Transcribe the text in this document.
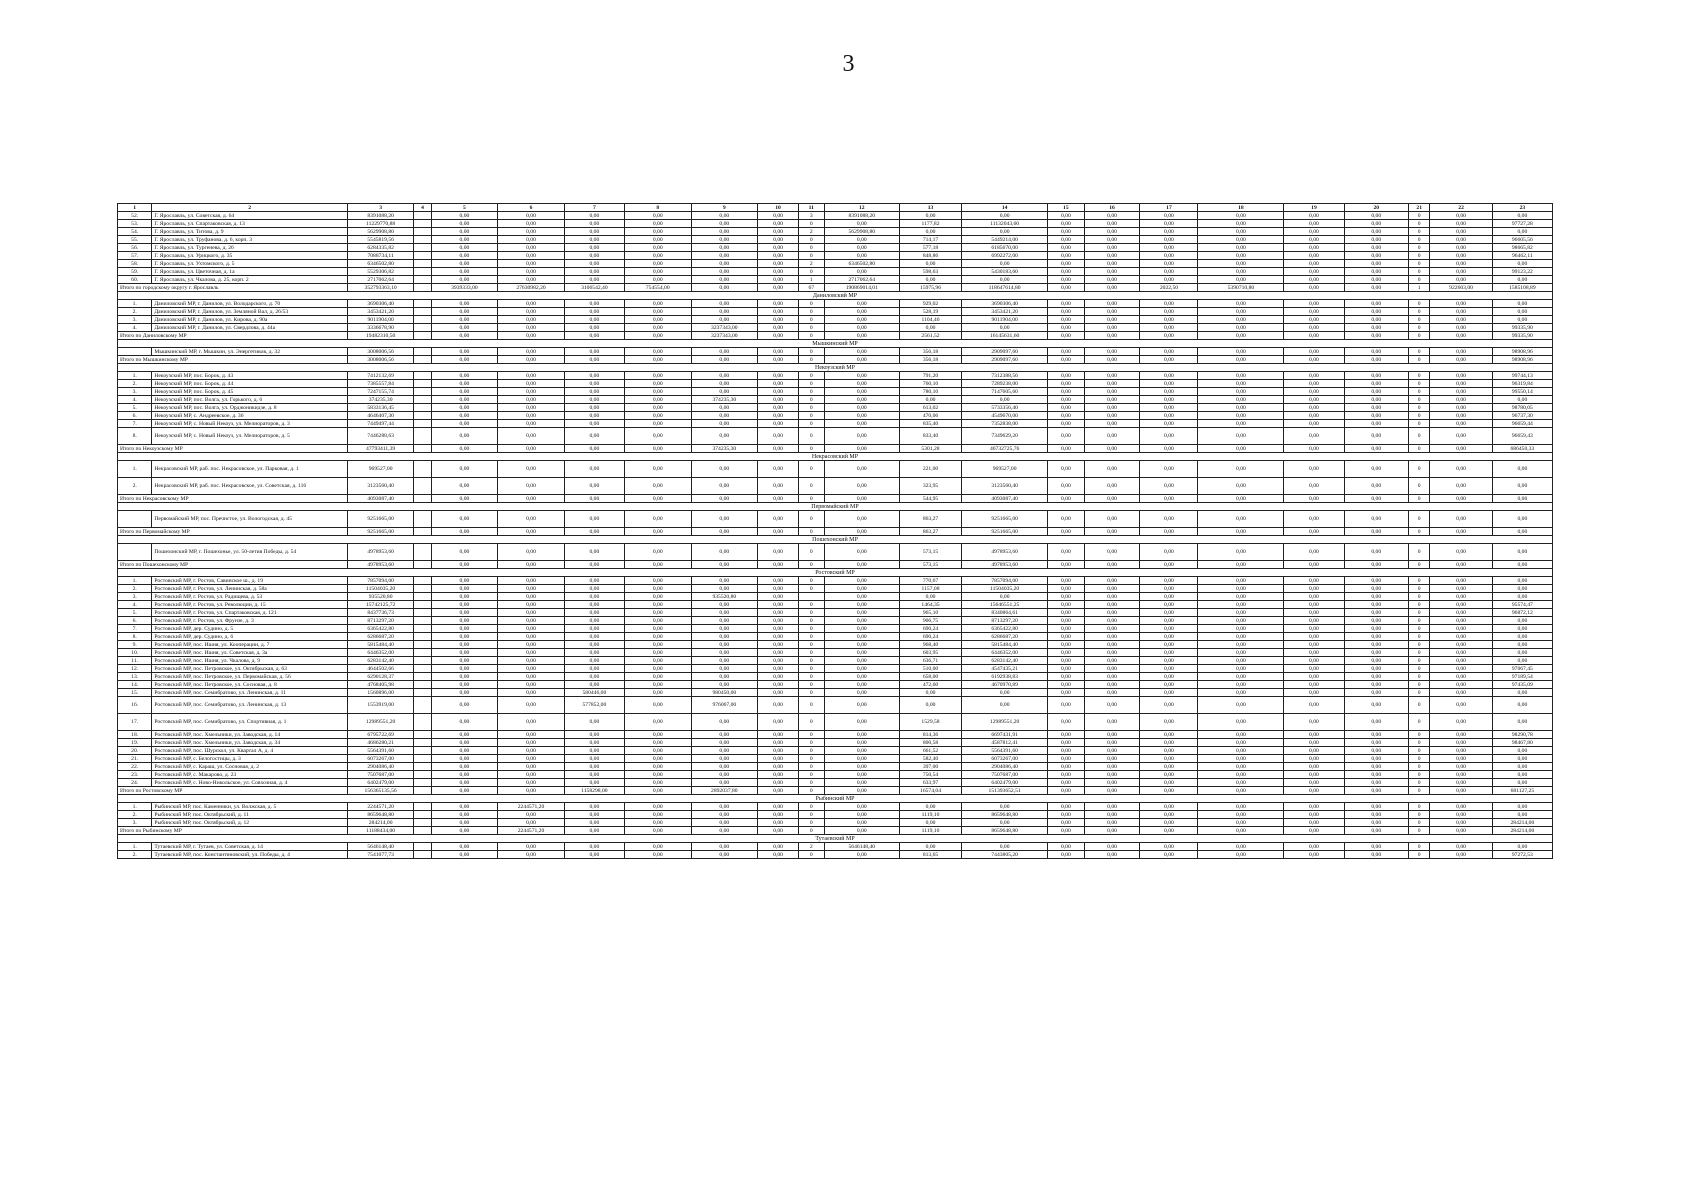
3
1	2	3	4	5	6	7	8	9	10	11	12	13	14	15	16	17	18	19	20	21	22	23
52.	Г. Ярославль, ул. Советская, д. 64	8391088,20		0,00	0,00	0,00	0,00	0,00	0,00	3	8391088,20	0,00	0,00	0,00	0,00	0,00	0,00	0,00	0,00	0	0,00	0,00
53.	Г. Ярославль, ул. Спартаковская, д. 13	11229770,88		0,00	0,00	0,00	0,00	0,00	0,00	0	0,00	1177,82	11132043,60	0,00	0,00	0,00	0,00	0,00	0,00	0	0,00	97727,28
54.	Г. Ярославль, ул. Титова, д. 9	5629908,80		0,00	0,00	0,00	0,00	0,00	0,00	2	5629908,80	0,00	0,00	0,00	0,00	0,00	0,00	0,00	0,00	0	0,00	0,00
55.	Г. Ярославль, ул. Труфанова, д. 6, корп. 3	5545819,56		0,00	0,00	0,00	0,00	0,00	0,00	0	0,00	714,17	5449214,00	0,00	0,00	0,00	0,00	0,00	0,00	0	0,00	96605,56
56.	Г. Ярославль, ул. Тургенева, д. 26	6284335,82		0,00	0,00	0,00	0,00	0,00	0,00	0	0,00	577,18	6185670,00	0,00	0,00	0,00	0,00	0,00	0,00	0	0,00	98665,82
57.	Г. Ярославль, ул. Урицкого, д. 35	7088734,11		0,00	0,00	0,00	0,00	0,00	0,00	0	0,00	848,86	6992272,00	0,00	0,00	0,00	0,00	0,00	0,00	0	0,00	96462,11
58.	Г. Ярославль, ул. Ухтомского, д. 5	6346502,80		0,00	0,00	0,00	0,00	0,00	0,00	2	6346502,80	0,00	0,00	0,00	0,00	0,00	0,00	0,00	0,00	0	0,00	0,00
59.	Г. Ярославль, ул. Цветочная, д. 1а	5529306,82		0,00	0,00	0,00	0,00	0,00	0,00	0	0,00	598,63	5430183,60	0,00	0,00	0,00	0,00	0,00	0,00	0	0,00	99123,22
60.	Г. Ярославль, ул. Чкалова, д. 25, корп. 2	2717062,64		0,00	0,00	0,00	0,00	0,00	0,00	1	2717062,64	0,00	0,00	0,00	0,00	0,00	0,00	0,00	0,00	0	0,00	0,00
Итого по городскому округу г. Ярославль		352793363,10		3939333,00	27630982,20	3106542,40	754554,00	0,00	0,00	67	190869014,01	15975,96	118647614,80	0,00	0,00	2022,50	5390710,80	0,00	0,00	1	922603,00	1585108,89
Даниловский МР																						
1.	Даниловский МР, г. Данилов, ул. Володарского, д. 70	3690306,40		0,00	0,00	0,00	0,00	0,00	0,00	0	0,00	929,02	3690306,40	0,00	0,00	0,00	0,00	0,00	0,00	0	0,00	0,00
2.	Даниловский МР, г. Данилов, ул. Земляной Вал, д. 26/53	3453421,20		0,00	0,00	0,00	0,00	0,00	0,00	0	0,00	528,19	3453421,20	0,00	0,00	0,00	0,00	0,00	0,00	0	0,00	0,00
3.	Даниловский МР, г. Данилов, ул. Кирова, д. 90а	9011904,00		0,00	0,00	0,00	0,00	0,00	0,00	0	0,00	1104,40	9011904,00	0,00	0,00	0,00	0,00	0,00	0,00	0	0,00	0,00
4.	Даниловский МР, г. Данилов, ул. Свердлова, д. 44а	3336678,90		0,00	0,00	0,00	0,00	3237343,00	0,00	0	0,00	0,00	0,00	0,00	0,00	0,00	0,00	0,00	0,00	0	0,00	99335,90
Итого по Даниловскому МР		19482310,50		0,00	0,00	0,00	0,00	3237343,00	0,00	0	0,00	2561,52	16145631,60	0,00	0,00	0,00	0,00	0,00	0,00	0	0,00	99335,90
Мышкинский МР																						
	Мышкинский МР, г. Мышкин, ул. Энергетиков, д. 32	3008006,56		0,00	0,00	0,00	0,00	0,00	0,00	0	0,00	356,18	2909097,60	0,00	0,00	0,00	0,00	0,00	0,00	0	0,00	98908,96
Итого по Мышкинскому МР		3008006,56		0,00	0,00	0,00	0,00	0,00	0,00	0	0,00	356,18	2909097,60	0,00	0,00	0,00	0,00	0,00	0,00	0	0,00	98908,96
Некоузский МР																						
1.	Некоузский МР, пос. Борок, д. 43	7412132,69		0,00	0,00	0,00	0,00	0,00	0,00	0	0,00	791,20	7312388,56	0,00	0,00	0,00	0,00	0,00	0,00	0	0,00	99744,13
2.	Некоузский МР, пос. Борок, д. 44	7385557,84		0,00	0,00	0,00	0,00	0,00	0,00	0	0,00	760,10	7289238,00	0,00	0,00	0,00	0,00	0,00	0,00	0	0,00	96319,84
3.	Некоузский МР, пос. Борок, д. 45	7247155,74		0,00	0,00	0,00	0,00	0,00	0,00	0	0,00	780,10	7147605,60	0,00	0,00	0,00	0,00	0,00	0,00	0	0,00	99550,14
4.	Некоузский МР, пос. Волга, ул. Горького, д. 6	374235,30		0,00	0,00	0,00	0,00	374235,30	0,00	0	0,00	0,00	0,00	0,00	0,00	0,00	0,00	0,00	0,00	0	0,00	0,00
5.	Некоузский МР, пос. Волга, ул. Орджоникидзе, д. 8	5833136,45		0,00	0,00	0,00	0,00	0,00	0,00	0	0,00	613,02	5733356,40	0,00	0,00	0,00	0,00	0,00	0,00	0	0,00	98780,05
6.	Некоузский МР, с. Андреевское, д. 36	4646407,30		0,00	0,00	0,00	0,00	0,00	0,00	0	0,00	470,06	4549670,00	0,00	0,00	0,00	0,00	0,00	0,00	0	0,00	96737,30
7.	Некоузский МР, с. Новый Некоуз, ул. Мелиораторов, д. 3	7449497,44		0,00	0,00	0,00	0,00	0,00	0,00	0	0,00	835,40	7352838,00	0,00	0,00	0,00	0,00	0,00	0,00	0	0,00	96659,44
8.	Некоузский МР, с. Новый Некоуз, ул. Мелиораторов, д. 5	7446288,63		0,00	0,00	0,00	0,00	0,00	0,00	0	0,00	833,40	7349629,20	0,00	0,00	0,00	0,00	0,00	0,00	0	0,00	96659,43
Итого по Некоузскому МР		47793411,39		0,00	0,00	0,00	0,00	374235,30	0,00	0	0,00	5301,28	46732725,76	0,00	0,00	0,00	0,00	0,00	0,00	0	0,00	686450,33
Некрасовский МР																						
1.	Некрасовский МР, раб. пос. Некрасовское, ул. Парковая, д. 1	969527,00		0,00	0,00	0,00	0,00	0,00	0,00	0	0,00	221,00	969527,00	0,00	0,00	0,00	0,00	0,00	0,00	0	0,00	0,00
2.	Некрасовский МР, раб. пос. Некрасовское, ул. Советская, д. 116	3123560,40		0,00	0,00	0,00	0,00	0,00	0,00	0	0,00	323,95	3123560,40	0,00	0,00	0,00	0,00	0,00	0,00	0	0,00	0,00
Итого по Некрасовскому МР		4093087,40		0,00	0,00	0,00	0,00	0,00	0,00	0	0,00	544,95	4093087,40	0,00	0,00	0,00	0,00	0,00	0,00	0	0,00	0,00
Первомайский МР																						
	Первомайский МР, пос. Пречистое, ул. Вологодская, д. 45	9251665,00		0,00	0,00	0,00	0,00	0,00	0,00	0	0,00	863,27	9251665,00	0,00	0,00	0,00	0,00	0,00	0,00	0	0,00	0,00
Итого по Первомайскому МР		9251665,00		0,00	0,00	0,00	0,00	0,00	0,00	0	0,00	863,27	9251665,00	0,00	0,00	0,00	0,00	0,00	0,00	0	0,00	0,00
Пошехонский МР																						
	Пошехонский МР, г. Пошехонье, ул. 50-летия Победы, д. 54	4978953,60		0,00	0,00	0,00	0,00	0,00	0,00	0	0,00	573,15	4978953,60	0,00	0,00	0,00	0,00	0,00	0,00	0	0,00	0,00
Итого по Пошехонскому МР		4978953,60		0,00	0,00	0,00	0,00	0,00	0,00	0	0,00	573,15	4978953,60	0,00	0,00	0,00	0,00	0,00	0,00	0	0,00	0,00
Ростовский МР																						
1.	Ростовский МР, г. Ростов, Савинское ш., д. 19	7857094,00		0,00	0,00	0,00	0,00	0,00	0,00	0	0,00	770,67	7857094,00	0,00	0,00	0,00	0,00	0,00	0,00	0	0,00	0,00
2.	Ростовский МР, г. Ростов, ул. Ленинская, д. 58а	11504035,20		0,00	0,00	0,00	0,00	0,00	0,00	0	0,00	1157,08	11504035,20	0,00	0,00	0,00	0,00	0,00	0,00	0	0,00	0,00
3.	Ростовский МР, г. Ростов, ул. Радищева, д. 53	935520,80		0,00	0,00	0,00	0,00	935520,80	0,00		0,00	0,00	0,00	0,00	0,00	0,00	0,00	0,00	0,00	0	0,00	0,00
4.	Ростовский МР, г. Ростов, ул. Революции, д. 15	15742125,72		0,00	0,00	0,00	0,00	0,00	0,00	0	0,00	1464,35	15646551,25	0,00	0,00	0,00	0,00	0,00	0,00	0	0,00	95574,47
5.	Ростовский МР, г. Ростов, ул. Спартаковская, д. 121	8437736,73		0,00	0,00	0,00	0,00	0,00	0,00	0	0,00	965,10	8340864,61	0,00	0,00	0,00	0,00	0,00	0,00	0	0,00	96872,12
6.	Ростовский МР, г. Ростов, ул. Фрунзе, д. 3	8713297,20		0,00	0,00	0,00	0,00	0,00	0,00	0	0,00	906,75	8713297,20	0,00	0,00	0,00	0,00	0,00	0,00	0	0,00	0,00
7.	Ростовский МР, дер. Судино, д. 5	6365422,80		0,00	0,00	0,00	0,00	0,00	0,00	0	0,00	690,24	6365422,80	0,00	0,00	0,00	0,00	0,00	0,00	0	0,00	0,00
8.	Ростовский МР, дер. Судино, д. 6	6286687,20		0,00	0,00	0,00	0,00	0,00	0,00	0	0,00	690,24	6286687,20	0,00	0,00	0,00	0,00	0,00	0,00	0	0,00	0,00
9.	Ростовский МР, пос. Ишня, ул. Кооперации, д. 7	5815484,40		0,00	0,00	0,00	0,00	0,00	0,00	0	0,00	968,40	5815484,40	0,00	0,00	0,00	0,00	0,00	0,00	0	0,00	0,00
10.	Ростовский МР, пос. Ишня, ул. Советская, д. 3а	6446352,00		0,00	0,00	0,00	0,00	0,00	0,00	0	0,00	603,95	6446352,00	0,00	0,00	0,00	0,00	0,00	0,00	0	0,00	0,00
11.	Ростовский МР, пос. Ишня, ул. Чкалова, д. 9	6283142,40		0,00	0,00	0,00	0,00	0,00	0,00	0	0,00	636,71	6283142,40	0,00	0,00	0,00	0,00	0,00	0,00	0	0,00	0,00
12.	Ростовский МР, пос. Петровское, ул. Октябрьская, д. 63	4644502,66		0,00	0,00	0,00	0,00	0,00	0,00	0	0,00	510,00	4547435,21	0,00	0,00	0,00	0,00	0,00	0,00	0	0,00	97067,45
13.	Ростовский МР, пос. Петровское, ул. Первомайская, д. 56	6290128,37		0,00	0,00	0,00	0,00	0,00	0,00	0	0,00	658,00	6192938,83	0,00	0,00	0,00	0,00	0,00	0,00	0	0,00	97189,54
14.	Ростовский МР, пос. Петровское, ул. Сосновая, д. 8	4768405,98		0,00	0,00	0,00	0,00	0,00	0,00	0	0,00	472,60	4670970,89	0,00	0,00	0,00	0,00	0,00	0,00	0	0,00	97435,09
15.	Ростовский МР, пос. Семибратово, ул. Ленинская, д. 11	1560896,00		0,00	0,00	580446,00	0,00	980450,00	0,00	0	0,00	0,00	0,00	0,00	0,00	0,00	0,00	0,00	0,00	0	0,00	0,00
16.	Ростовский МР, пос. Семибратово, ул. Ленинская, д. 13	1553919,00		0,00	0,00	577852,00	0,00	976067,00	0,00	0	0,00	0,00	0,00	0,00	0,00	0,00	0,00	0,00	0,00	0	0,00	0,00
17.	Ростовский МР, пос. Семибратово, ул. Спортивная, д. 1	12989551,20		0,00	0,00	0,00	0,00	0,00	0,00	0	0,00	1529,58	12989551,20	0,00	0,00	0,00	0,00	0,00	0,00	0	0,00	0,00
18.	Ростовский МР, пос. Хмельники, ул. Заводская, д. 14	6795722,69		0,00	0,00	0,00	0,00	0,00	0,00	0	0,00	814,36	6697431,91	0,00	0,00	0,00	0,00	0,00	0,00	0	0,00	98290,78
19.	Ростовский МР, пос. Хмельники, ул. Заводская, д. 34	4686280,21		0,00	0,00	0,00	0,00	0,00	0,00	0	0,00	800,58	4587812,41	0,00	0,00	0,00	0,00	0,00	0,00	0	0,00	98467,80
20.	Ростовский МР, пос. Шурскол, ул. Квартал А, д. 4	5564391,60		0,00	0,00	0,00	0,00	0,00	0,00	0	0,00	661,52	5564391,60	0,00	0,00	0,00	0,00	0,00	0,00	0	0,00	0,00
21.	Ростовский МР, с. Белогостицы, д. 3	6073267,00		0,00	0,00	0,00	0,00	0,00	0,00	0	0,00	582,40	6073267,00	0,00	0,00	0,00	0,00	0,00	0,00	0	0,00	0,00
22.	Ростовский МР, с. Караш, ул. Сосновая, д. 2	2904086,40		0,00	0,00	0,00	0,00	0,00	0,00	0	0,00	397,00	2904086,40	0,00	0,00	0,00	0,00	0,00	0,00	0	0,00	0,00
23.	Ростовский МР, с. Макарово, д. 23	7507687,00		0,00	0,00	0,00	0,00	0,00	0,00	0	0,00	750,54	7507687,00	0,00	0,00	0,00	0,00	0,00	0,00	0	0,00	0,00
24.	Ростовский МР, с. Ново-Никольское, ул. Совхозная, д. 4	6402479,00		0,00	0,00	0,00	0,00	0,00	0,00	0	0,00	633,97	6402479,00	0,00	0,00	0,00	0,00	0,00	0,00	0	0,00	0,00
Итого по Ростовскому МР		156365135,56		0,00	0,00	1158298,00	0,00	2892037,80	0,00	0	0,00	16574,04	151393652,51	0,00	0,00	0,00	0,00	0,00	0,00	0	0,00	681127,25
Рыбинский МР																						
1.	Рыбинский МР, пос. Каменники, ул. Волжская, д. 5	2244571,20		0,00	2244571,20	0,00	0,00	0,00	0,00	0	0,00	0,00	0,00	0,00	0,00	0,00	0,00	0,00	0,00	0	0,00	0,00
2.	Рыбинский МР, пос. Октябрьский, д. 11	8659648,80		0,00	0,00	0,00	0,00	0,00	0,00	0	0,00	1119,10	8659648,80	0,00	0,00	0,00	0,00	0,00	0,00	0	0,00	0,00
3.	Рыбинский МР, пос. Октябрьский, д. 12	284214,00		0,00	0,00	0,00	0,00	0,00	0,00	0	0,00	0,00	0,00	0,00	0,00	0,00	0,00	0,00	0,00	0	0,00	284214,00
Итого по Рыбинскому МР		11188434,00		0,00	2244571,20	0,00	0,00	0,00	0,00	0	0,00	1119,10	8659648,80	0,00	0,00	0,00	0,00	0,00	0,00	0	0,00	284214,00
Тутаевский МР																						
1.	Тутаевский МР, г. Тутаев, ул. Советская, д. 14	5646148,40		0,00	0,00	0,00	0,00	0,00	0,00	2	5646148,40	0,00	0,00	0,00	0,00	0,00	0,00	0,00	0,00	0	0,00	0,00
2.	Тутаевский МР, пос. Константиновский, ул. Победы, д. 4	7541077,73		0,00	0,00	0,00	0,00	0,00	0,00	0	0,00	813,65	7443805,20	0,00	0,00	0,00	0,00	0,00	0,00	0	0,00	97272,53
